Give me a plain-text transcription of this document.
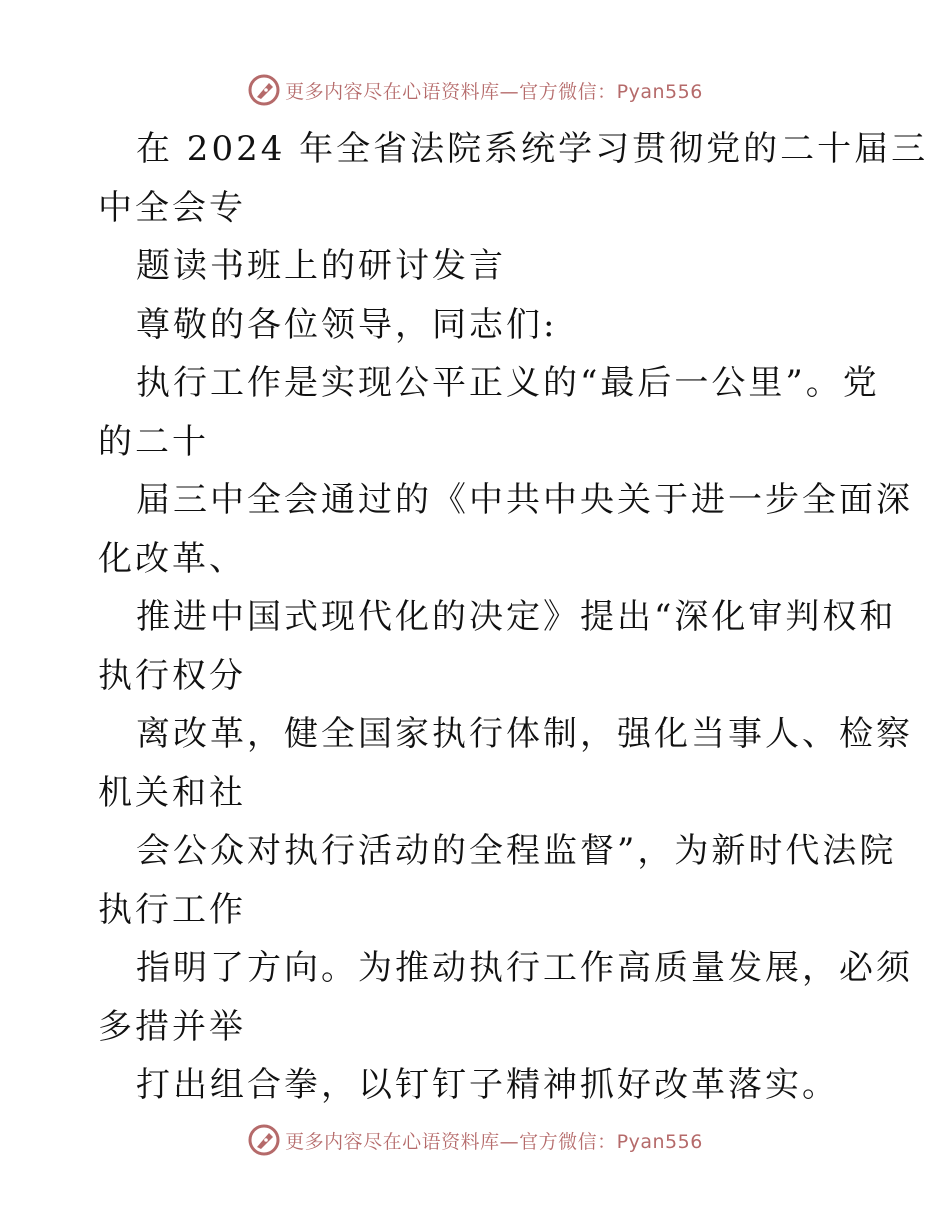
更多内容尽在心语资料库—官方微信：Pyan556
在 2024 年全省法院系统学习贯彻党的二十届三
中全会专
题读书班上的研讨发言
尊敬的各位领导，同志们:
执行工作是实现公平正义的“最后一公里”。党
的二十
届三中全会通过的《中共中央关于进一步全面深
化改革、
推进中国式现代化的决定》提出“深化审判权和
执行权分
离改革，健全国家执行体制，强化当事人、检察
机关和社
会公众对执行活动的全程监督”，为新时代法院
执行工作
指明了方向。为推动执行工作高质量发展，必须
多措并举
打出组合拳，以钉钉子精神抓好改革落实。
更多内容尽在心语资料库—官方微信：Pyan556
